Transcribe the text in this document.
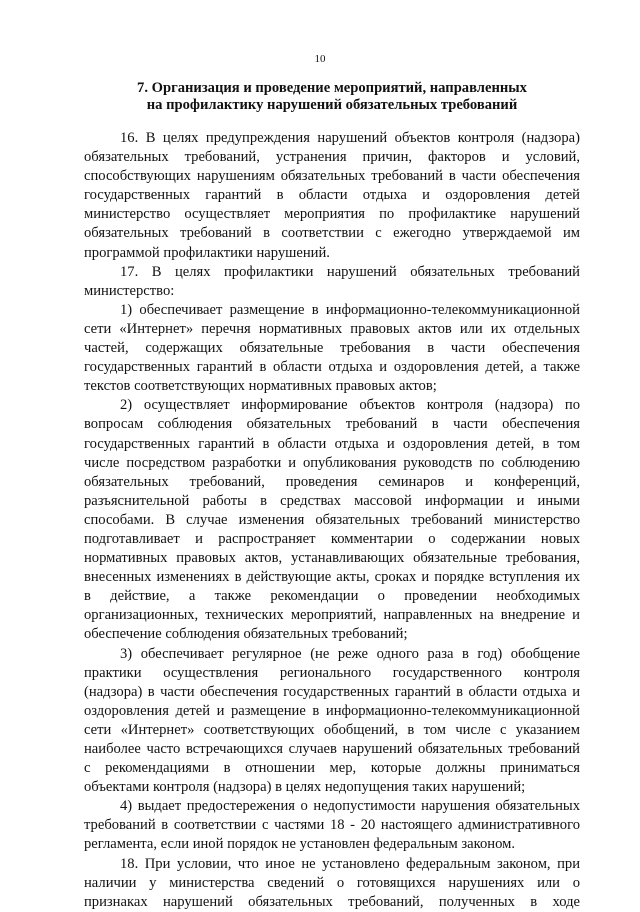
10
7. Организация и проведение мероприятий, направленных
на профилактику нарушений обязательных требований
16. В целях предупреждения нарушений объектов контроля (надзора)
обязательных требований, устранения причин, факторов и условий,
способствующих нарушениям обязательных требований в части обеспечения
государственных гарантий в области отдыха и оздоровления детей
министерство осуществляет мероприятия по профилактике нарушений
обязательных требований в соответствии с ежегодно утверждаемой им
программой профилактики нарушений.
17. В целях профилактики нарушений обязательных требований
министерство:
1) обеспечивает размещение в информационно-телекоммуникационной
сети «Интернет» перечня нормативных правовых актов или их отдельных
частей, содержащих обязательные требования в части обеспечения
государственных гарантий в области отдыха и оздоровления детей, а также
текстов соответствующих нормативных правовых актов;
2) осуществляет информирование объектов контроля (надзора) по
вопросам соблюдения обязательных требований в части обеспечения
государственных гарантий в области отдыха и оздоровления детей, в том
числе посредством разработки и опубликования руководств по соблюдению
обязательных требований, проведения семинаров и конференций,
разъяснительной работы в средствах массовой информации и иными
способами. В случае изменения обязательных требований министерство
подготавливает и распространяет комментарии о содержании новых
нормативных правовых актов, устанавливающих обязательные требования,
внесенных изменениях в действующие акты, сроках и порядке вступления их
в действие, а также рекомендации о проведении необходимых
организационных, технических мероприятий, направленных на внедрение и
обеспечение соблюдения обязательных требований;
3) обеспечивает регулярное (не реже одного раза в год) обобщение
практики осуществления регионального государственного контроля
(надзора) в части обеспечения государственных гарантий в области отдыха и
оздоровления детей и размещение в информационно-телекоммуникационной
сети «Интернет» соответствующих обобщений, в том числе с указанием
наиболее часто встречающихся случаев нарушений обязательных требований
с рекомендациями в отношении мер, которые должны приниматься
объектами контроля (надзора) в целях недопущения таких нарушений;
4) выдает предостережения о недопустимости нарушения обязательных
требований в соответствии с частями 18 - 20 настоящего административного
регламента, если иной порядок не установлен федеральным законом.
18. При условии, что иное не установлено федеральным законом, при
наличии у министерства сведений о готовящихся нарушениях или о
признаках нарушений обязательных требований, полученных в ходе
